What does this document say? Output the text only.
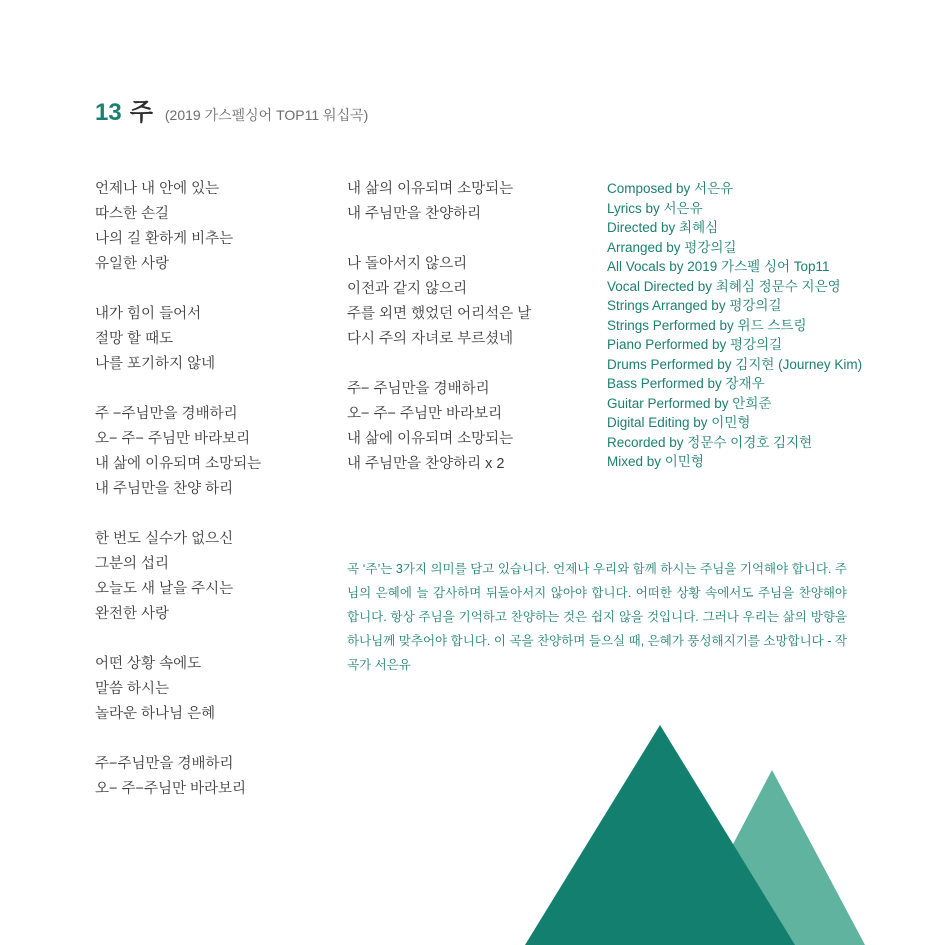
13 주 (2019 가스펠싱어 TOP11 워십곡)
언제나 내 안에 있는
따스한 손길
나의 길 환하게 비추는
유일한 사랑
내가 힘이 들어서
절망 할 때도
나를 포기하지 않네
주 −주님만을 경배하리
오− 주− 주님만 바라보리
내 삶에 이유되며 소망되는
내 주님만을 찬양 하리
한 번도 실수가 없으신
그분의 섭리
오늘도 새 날을 주시는
완전한 사랑
어떤 상황 속에도
말씀 하시는
놀라운 하나님 은혜
주−주님만을 경배하리
오− 주−주님만 바라보리
내 삶의 이유되며 소망되는
내 주님만을 찬양하리
나 돌아서지 않으리
이전과 같지 않으리
주를 외면 했었던 어리석은 날
다시 주의 자녀로 부르셨네
주− 주님만을 경배하리
오− 주− 주님만 바라보리
내 삶에 이유되며 소망되는
내 주님만을 찬양하리 x 2
Composed by 서은유
Lyrics by 서은유
Directed by 최혜심
Arranged by 평강의길
All Vocals by 2019 가스펠 싱어 Top11
Vocal Directed by 최혜심 정문수 지은영
Strings Arranged by 평강의길
Strings Performed by 위드 스트링
Piano Performed by 평강의길
Drums Performed by 김지현 (Journey Kim)
Bass Performed by 장재우
Guitar Performed by 안희준
Digital Editing by 이민형
Recorded by 정문수 이경호 김지현
Mixed by 이민형
곡 ‘주’는 3가지 의미를 담고 있습니다. 언제나 우리와 함께 하시는 주님을 기억해야 합니다. 주님의 은혜에 늘 감사하며 뒤돌아서지 않아야 합니다. 어떠한 상황 속에서도 주님을 찬양해야 합니다. 항상 주님을 기억하고 찬양하는 것은 쉽지 않을 것입니다. 그러나 우리는 삶의 방향을 하나님께 맞추어야 합니다. 이 곡을 찬양하며 들으실 때, 은혜가 풍성해지기를 소망합니다 - 작곡가 서은유
